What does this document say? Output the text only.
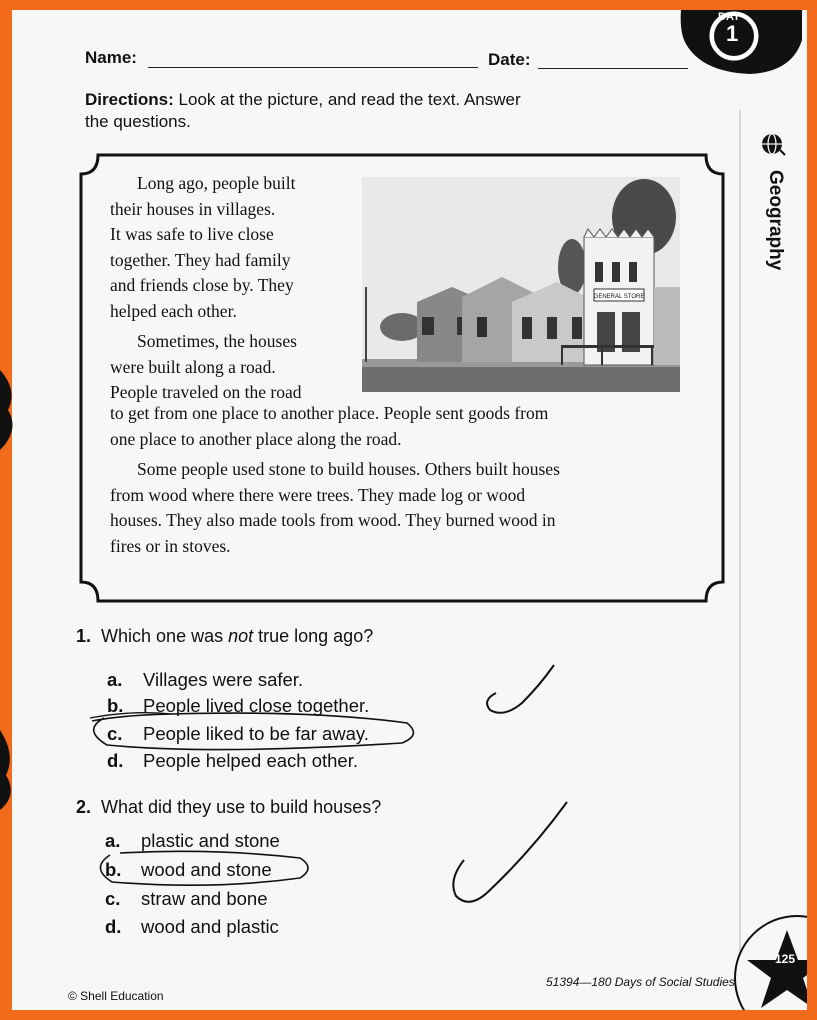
DAY
1
Name:	Date:
Directions: Look at the picture, and read the text. Answer
the questions.
Geography
GENERAL STORE
Long ago, people built
their houses in villages.
It was safe to live close
together. They had family
and friends close by. They
helped each other.
Sometimes, the houses
were built along a road.
People traveled on the road
to get from one place to another place. People sent goods from
one place to another place along the road.
Some people used stone to build houses. Others built houses
from wood where there were trees. They made log or wood
houses. They also made tools from wood. They burned wood in
fires or in stoves.
1. Which one was not true long ago?
a. Villages were safer.
b. People lived close together.
c. People liked to be far away.
d. People helped each other.
2. What did they use to build houses?
a. plastic and stone
b. wood and stone
c. straw and bone
d. wood and plastic
125
© Shell Education
51394—180 Days of Social Studies
